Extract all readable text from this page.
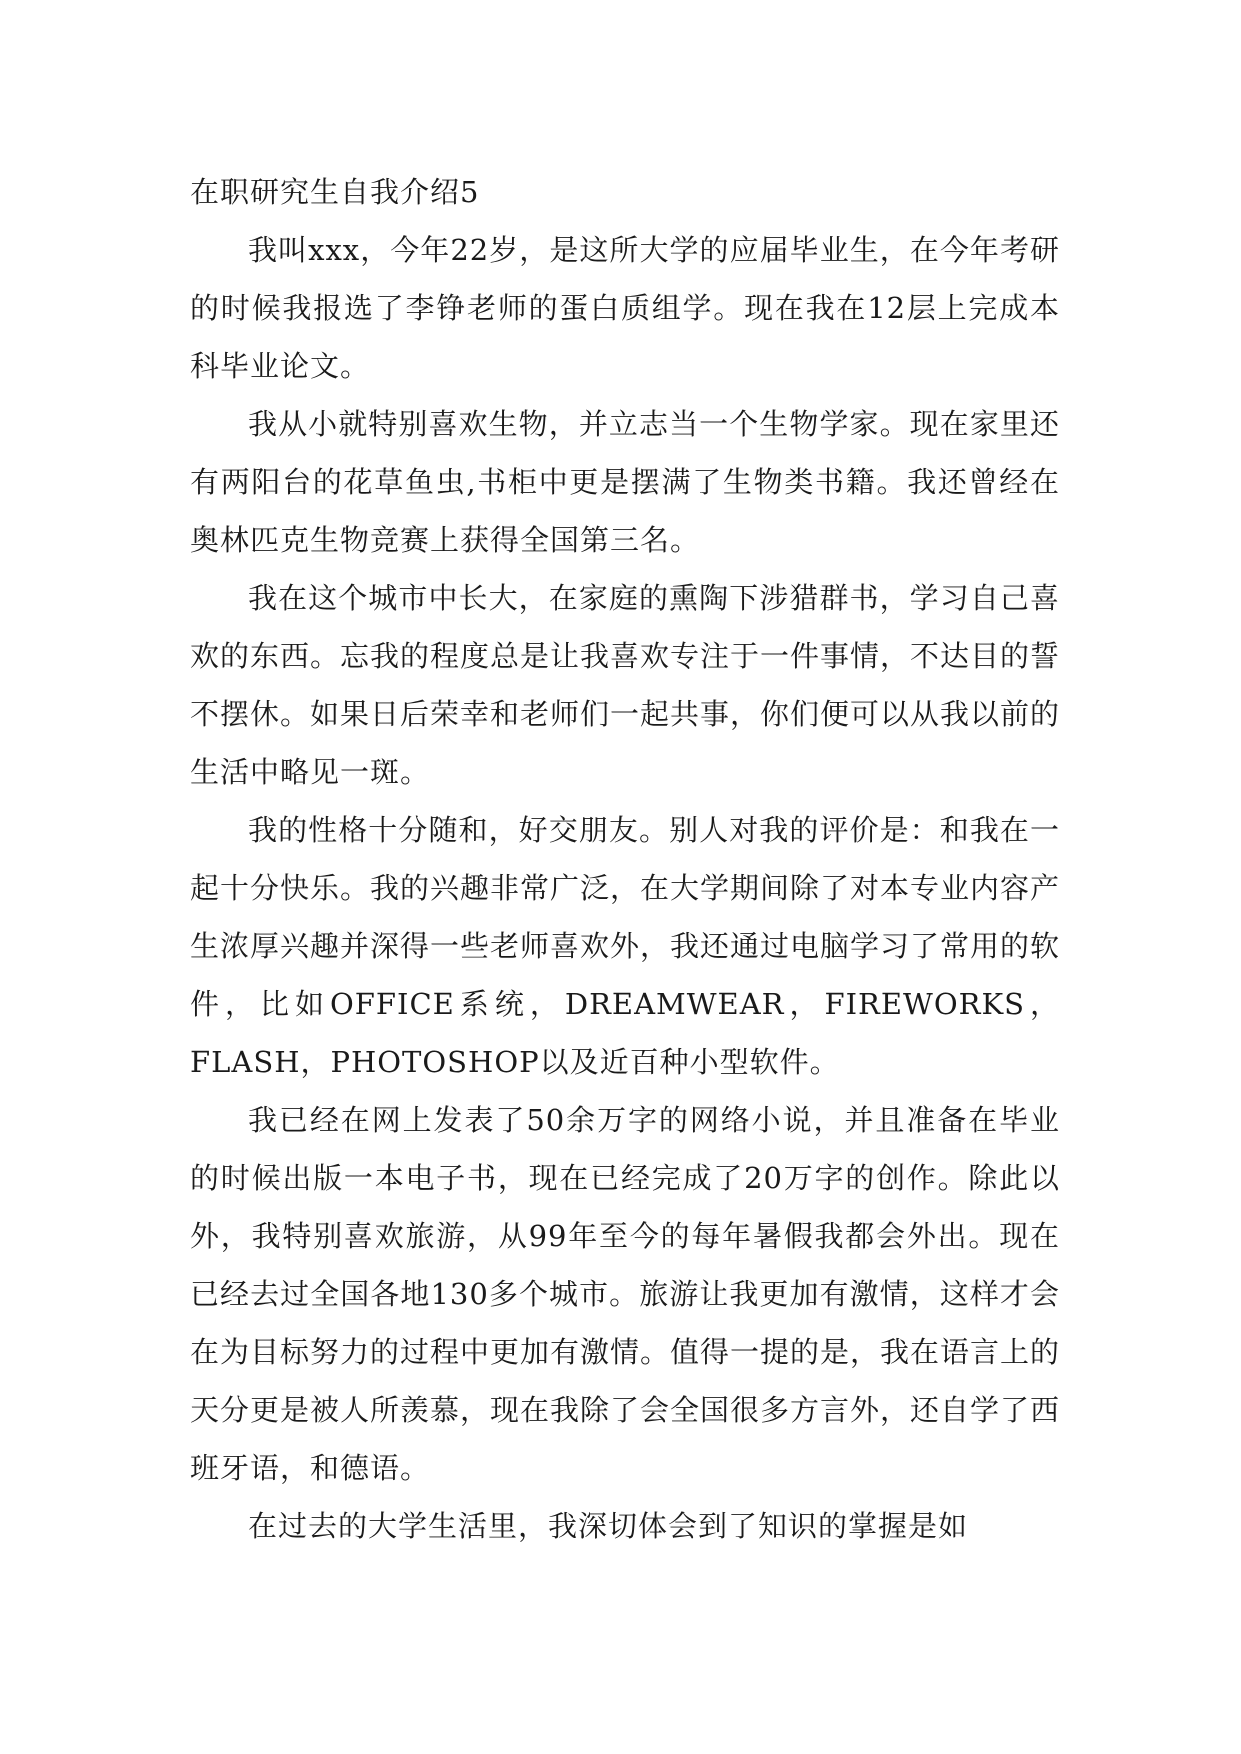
在职研究生自我介绍5

我叫xxx，今年22岁，是这所大学的应届毕业生，在今年考研的时候我报选了李铮老师的蛋白质组学。现在我在12层上完成本科毕业论文。

我从小就特别喜欢生物，并立志当一个生物学家。现在家里还有两阳台的花草鱼虫,书柜中更是摆满了生物类书籍。我还曾经在奥林匹克生物竞赛上获得全国第三名。

我在这个城市中长大，在家庭的熏陶下涉猎群书，学习自己喜欢的东西。忘我的程度总是让我喜欢专注于一件事情，不达目的誓不摆休。如果日后荣幸和老师们一起共事，你们便可以从我以前的生活中略见一斑。

我的性格十分随和，好交朋友。别人对我的评价是：和我在一起十分快乐。我的兴趣非常广泛，在大学期间除了对本专业内容产生浓厚兴趣并深得一些老师喜欢外，我还通过电脑学习了常用的软件，比如OFFICE系统，DREAMWEAR，FIREWORKS，FLASH，PHOTOSHOP以及近百种小型软件。

我已经在网上发表了50余万字的网络小说，并且准备在毕业的时候出版一本电子书，现在已经完成了20万字的创作。除此以外，我特别喜欢旅游，从99年至今的每年暑假我都会外出。现在已经去过全国各地130多个城市。旅游让我更加有激情，这样才会在为目标努力的过程中更加有激情。值得一提的是，我在语言上的天分更是被人所羡慕，现在我除了会全国很多方言外，还自学了西班牙语，和德语。

在过去的大学生活里，我深切体会到了知识的掌握是如
